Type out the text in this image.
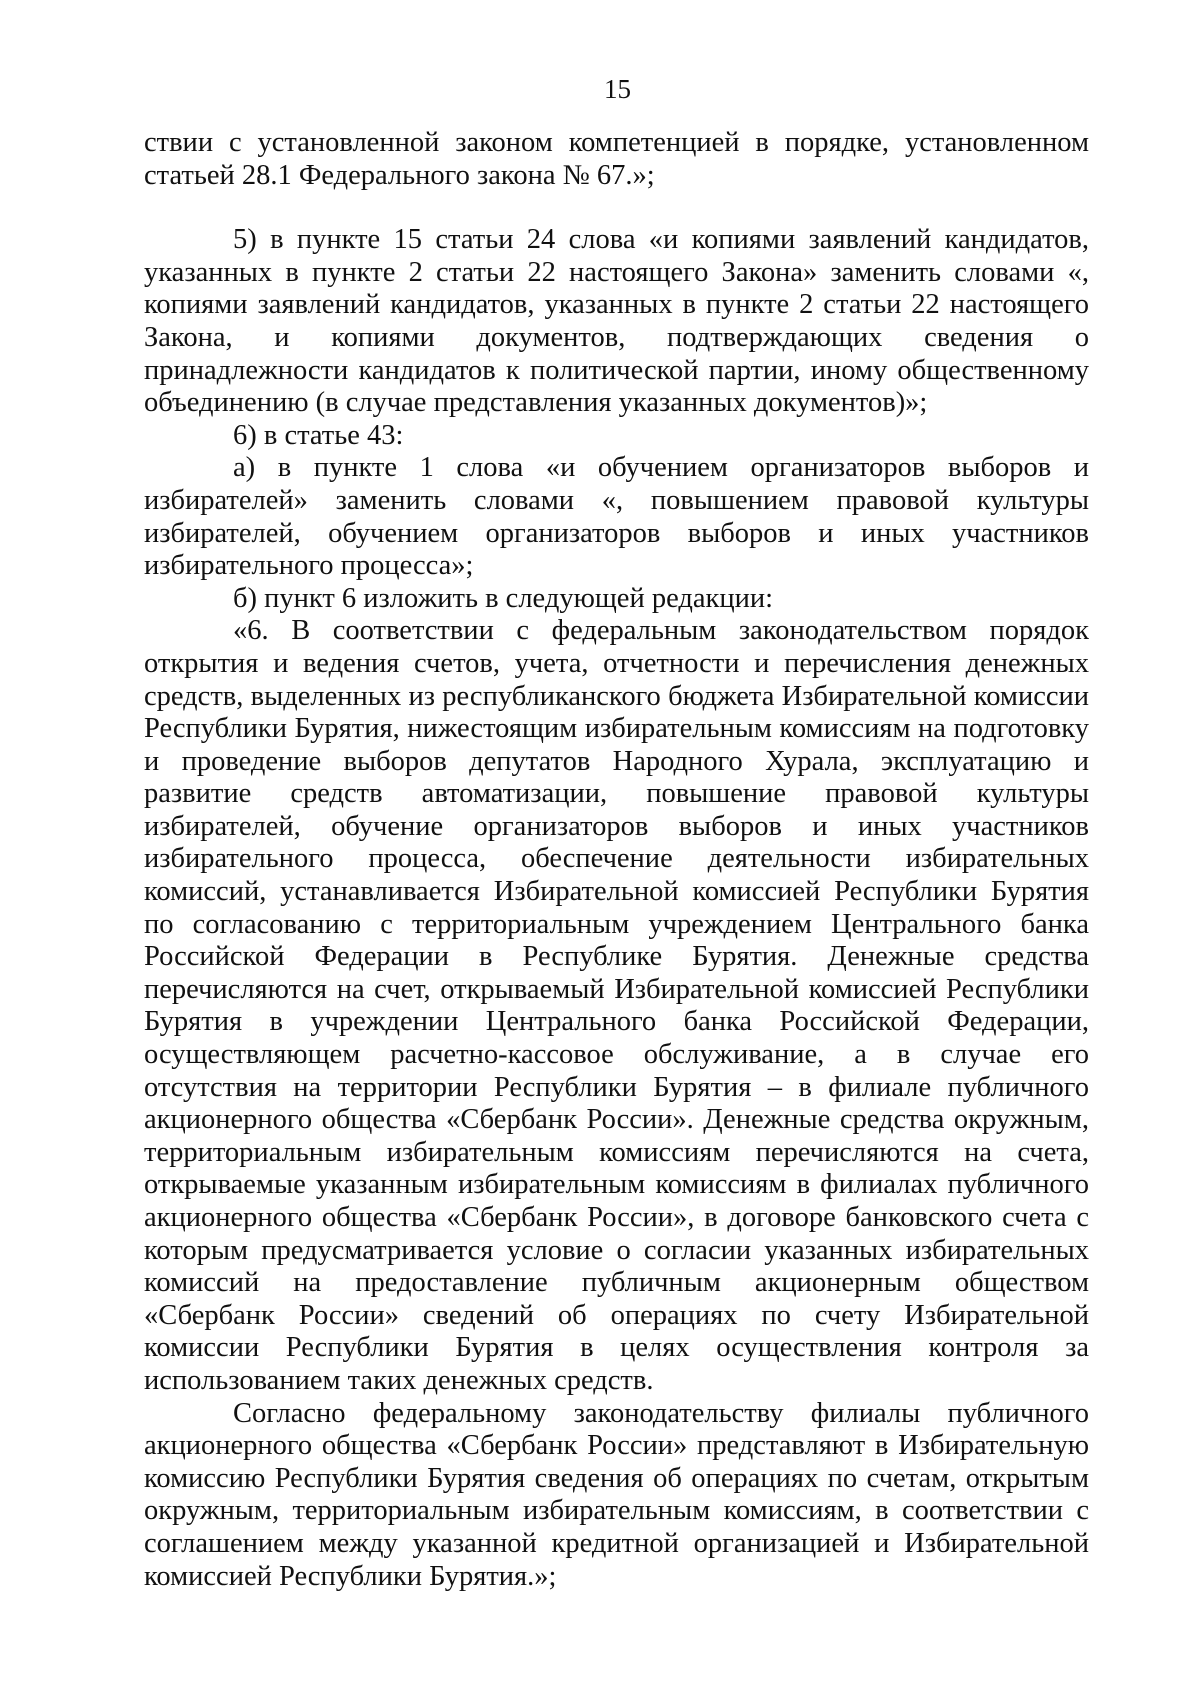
15

ствии с установленной законом компетенцией в порядке, установленном статьей 28.1 Федерального закона № 67.»;

5) в пункте 15 статьи 24 слова «и копиями заявлений кандидатов, указанных в пункте 2 статьи 22 настоящего Закона» заменить словами «, копиями заявлений кандидатов, указанных в пункте 2 статьи 22 настоящего Закона, и копиями документов, подтверждающих сведения о принадлежности кандидатов к политической партии, иному общественному объединению (в случае представления указанных документов)»;

6) в статье 43:

а) в пункте 1 слова «и обучением организаторов выборов и избирателей» заменить словами «, повышением правовой культуры избирателей, обучением организаторов выборов и иных участников избирательного процесса»;

б) пункт 6 изложить в следующей редакции:

«6. В соответствии с федеральным законодательством порядок открытия и ведения счетов, учета, отчетности и перечисления денежных средств, выделенных из республиканского бюджета Избирательной комиссии Республики Бурятия, нижестоящим избирательным комиссиям на подготовку и проведение выборов депутатов Народного Хурала, эксплуатацию и развитие средств автоматизации, повышение правовой культуры избирателей, обучение организаторов выборов и иных участников избирательного процесса, обеспечение деятельности избирательных комиссий, устанавливается Избирательной комиссией Республики Бурятия по согласованию с территориальным учреждением Центрального банка Российской Федерации в Республике Бурятия. Денежные средства перечисляются на счет, открываемый Избирательной комиссией Республики Бурятия в учреждении Центрального банка Российской Федерации, осуществляющем расчетно-кассовое обслуживание, а в случае его отсутствия на территории Республики Бурятия – в филиале публичного акционерного общества «Сбербанк России». Денежные средства окружным, территориальным избирательным комиссиям перечисляются на счета, открываемые указанным избирательным комиссиям в филиалах публичного акционерного общества «Сбербанк России», в договоре банковского счета с которым предусматривается условие о согласии указанных избирательных комиссий на предоставление публичным акционерным обществом «Сбербанк России» сведений об операциях по счету Избирательной комиссии Республики Бурятия в целях осуществления контроля за использованием таких денежных средств.

Согласно федеральному законодательству филиалы публичного акционерного общества «Сбербанк России» представляют в Избирательную комиссию Республики Бурятия сведения об операциях по счетам, открытым окружным, территориальным избирательным комиссиям, в соответствии с соглашением между указанной кредитной организацией и Избирательной комиссией Республики Бурятия.»;
